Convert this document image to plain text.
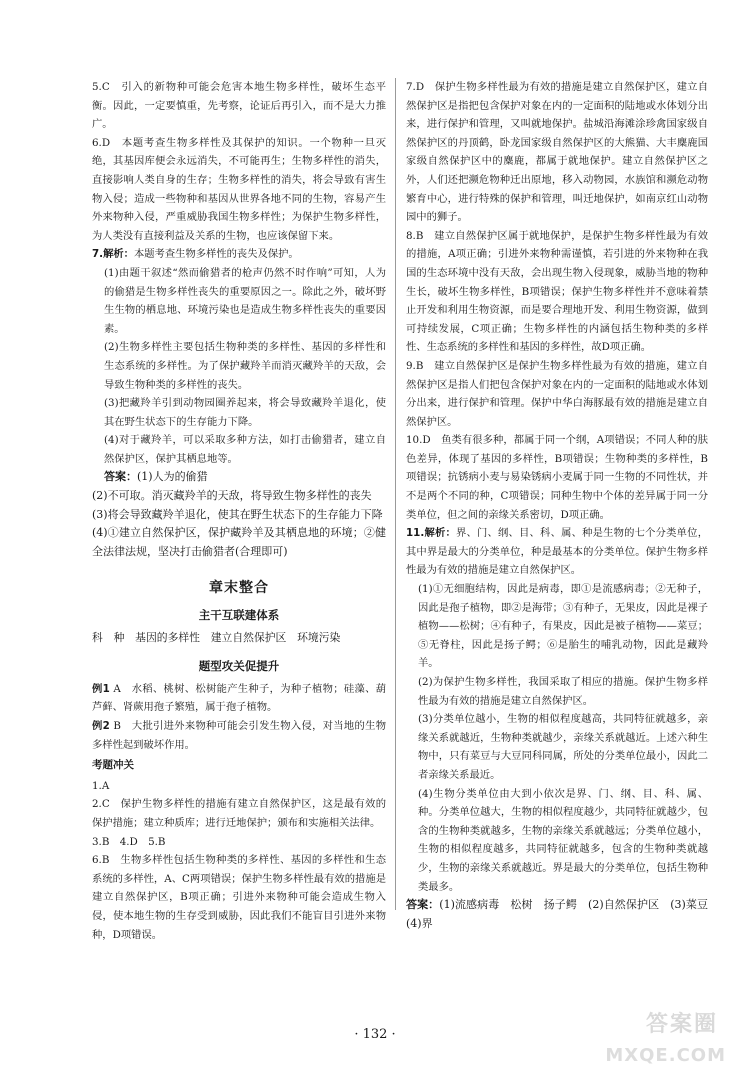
5.C　引入的新物种可能会危害本地生物多样性，破坏生态平衡。因此，一定要慎重，先考察，论证后再引入，而不是大力推广。

6.D　本题考查生物多样性及其保护的知识。一个物种一旦灭绝，其基因库便会永远消失，不可能再生；生物多样性的消失，直接影响人类自身的生存；生物多样性的消失，将会导致有害生物入侵；造成一些物种和基因从世界各地不同的生物，容易产生外来物种入侵，严重威胁我国生物多样性；为保护生物多样性，为人类没有直接利益及关系的生物，也应该保留下来。

7.解析：本题考查生物多样性的丧失及保护。

(1)由题干叙述“然而偷猎者的枪声仍然不时作响”可知，人为的偷猎是生物多样性丧失的重要原因之一。除此之外，破坏野生生物的栖息地、环境污染也是造成生物多样性丧失的重要因素。

(2)生物多样性主要包括生物种类的多样性、基因的多样性和生态系统的多样性。为了保护藏羚羊而消灭藏羚羊的天敌，会导致生物种类的多样性的丧失。

(3)把藏羚羊引到动物园圈养起来，将会导致藏羚羊退化，使其在野生状态下的生存能力下降。

(4)对于藏羚羊，可以采取多种方法，如打击偷猎者，建立自然保护区，保护其栖息地等。

答案：(1)人为的偷猎

(2)不可取。消灭藏羚羊的天敌，将导致生物多样性的丧失

(3)将会导致藏羚羊退化，使其在野生状态下的生存能力下降

(4)①建立自然保护区，保护藏羚羊及其栖息地的环境；②健全法律法规，坚决打击偷猎者(合理即可)

章末整合
主干互联建体系

科　种　基因的多样性　建立自然保护区　环境污染

题型攻关促提升

例1 A　水稻、桃树、松树能产生种子，为种子植物；硅藻、葫芦藓、肾蕨用孢子繁殖，属于孢子植物。

例2 B　大批引进外来物种可能会引发生物入侵，对当地的生物多样性起到破坏作用。

考题冲关

1.A

2.C　保护生物多样性的措施有建立自然保护区，这是最有效的保护措施；建立种质库；进行迁地保护；颁布和实施相关法律。

3.B　4.D　5.B

6.B　生物多样性包括生物种类的多样性、基因的多样性和生态系统的多样性，A、C两项错误；保护生物多样性最有效的措施是建立自然保护区，B项正确；引进外来物种可能会造成生物入侵，使本地生物的生存受到威胁，因此我们不能盲目引进外来物种，D项错误。

7.D　保护生物多样性最为有效的措施是建立自然保护区，建立自然保护区是指把包含保护对象在内的一定面积的陆地或水体划分出来，进行保护和管理，又叫就地保护。盐城沿海滩涂珍禽国家级自然保护区的丹顶鹤，卧龙国家级自然保护区的大熊猫、大丰麋鹿国家级自然保护区中的麋鹿，都属于就地保护。建立自然保护区之外，人们还把濒危物种迁出原地，移入动物园，水族馆和濒危动物繁育中心，进行特殊的保护和管理，叫迁地保护，如南京红山动物园中的狮子。

8.B　建立自然保护区属于就地保护，是保护生物多样性最为有效的措施，A项正确；引进外来物种需谨慎，若引进的外来物种在我国的生态环境中没有天敌，会出现生物入侵现象，威胁当地的物种生长，破坏生物多样性，B项错误；保护生物多样性并不意味着禁止开发和利用生物资源，而是要合理地开发、利用生物资源，做到可持续发展，C项正确；生物多样性的内涵包括生物种类的多样性、生态系统的多样性和基因的多样性，故D项正确。

9.B　建立自然保护区是保护生物多样性最为有效的措施，建立自然保护区是指人们把包含保护对象在内的一定面积的陆地或水体划分出来，进行保护和管理。保护中华白海豚最有效的措施是建立自然保护区。

10.D　鱼类有很多种，都属于同一个纲，A项错误；不同人种的肤色差异，体现了基因的多样性，B项错误；生物种类的多样性，B项错误；抗锈病小麦与易染锈病小麦属于同一生物的不同性状，并不是两个不同的种，C项错误；同种生物中个体的差异属于同一分类单位，但之间的亲缘关系密切，D项正确。

11.解析：界、门、纲、目、科、属、种是生物的七个分类单位，其中界是最大的分类单位，种是最基本的分类单位。保护生物多样性最为有效的措施是建立自然保护区。

(1)①无细胞结构，因此是病毒，即①是流感病毒；②无种子，因此是孢子植物，即②是海带；③有种子，无果皮，因此是裸子植物——松树；④有种子，有果皮，因此是被子植物——菜豆；⑤无脊柱，因此是扬子鳄；⑥是胎生的哺乳动物，因此是藏羚羊。

(2)为保护生物多样性，我国采取了相应的措施。保护生物多样性最为有效的措施是建立自然保护区。

(3)分类单位越小，生物的相似程度越高，共同特征就越多，亲缘关系就越近，生物种类就越少，亲缘关系就越近。上述六种生物中，只有菜豆与大豆同科同属，所处的分类单位最小，因此二者亲缘关系最近。

(4)生物分类单位由大到小依次是界、门、纲、目、科、属、种。分类单位越大，生物的相似程度越少，共同特征就越少，包含的生物种类就越多，生物的亲缘关系就越远；分类单位越小，生物的相似程度越多，共同特征就越多，包含的生物种类就越少，生物的亲缘关系就越近。界是最大的分类单位，包括生物种类最多。

答案：(1)流感病毒　松树　扬子鳄　(2)自然保护区　(3)菜豆　(4)界

· 132 ·	答案圈
MXQE.COM
